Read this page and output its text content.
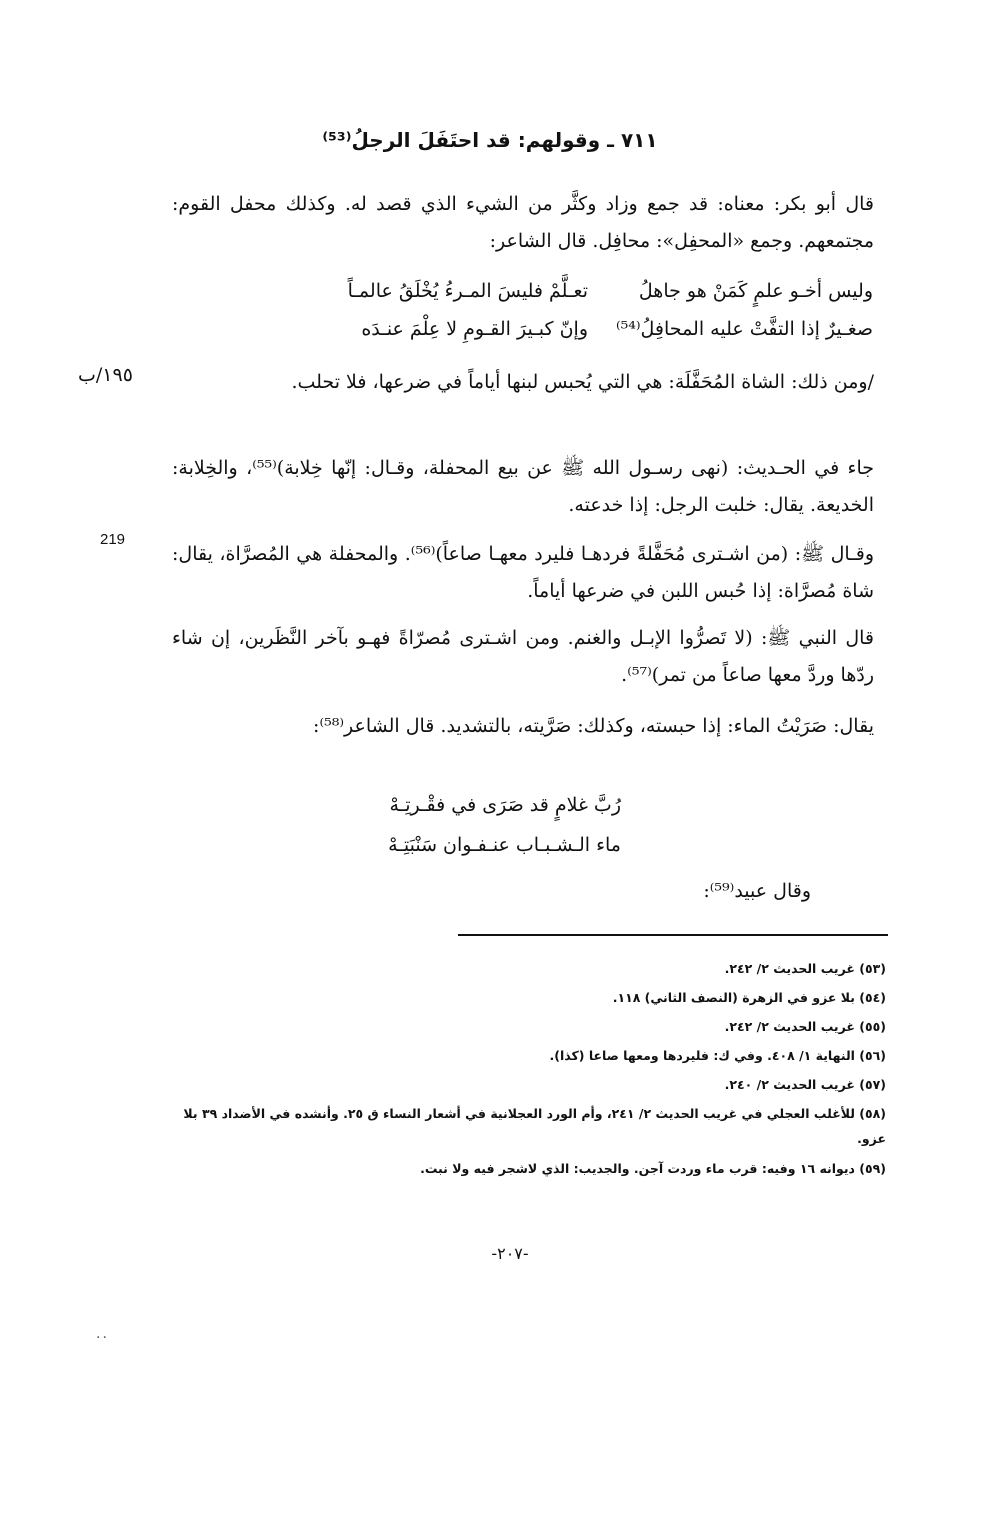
٧١١ ـ وقولهم: قد احتَفَلَ الرجلُ⁽⁵³⁾
قال أبو بكر: معناه: قد جمع وزاد وكثَّر من الشيء الذي قصد له. وكذلك محفل القوم: مجتمعهم. وجمع «المحفِل»: محافِل. قال الشاعر:
تعـلَّمْ فليسَ المـرءُ يُخْلَقُ عالمـاً	وليس أخـو علمٍ كَمَنْ هو جاهلُ
وإنّ كبـيرَ القـومِ لا عِلْمَ عنـدَه صغـيرٌ إذا التفَّتْ عليه المحافِلُ⁽⁵⁴⁾
/ومن ذلك: الشاة المُحَفَّلَة: هي التي يُحبس لبنها أياماً في ضرعها، فلا تحلب.
١٩٥/ب
جاء في الحـديث: (نهى رسـول الله ﷺ عن بيع المحفلة، وقـال: إنّها خِلابة)⁽⁵⁵⁾، والخِلابة: الخديعة. يقال: خلبت الرجل: إذا خدعته.
219
وقـال ﷺ: (من اشـترى مُحَفَّلةً فردهـا فليرد معهـا صاعاً)⁽⁵⁶⁾. والمحفلة هي المُصرَّاة، يقال: شاة مُصرَّاة: إذا حُبس اللبن في ضرعها أياماً.
قال النبي ﷺ: (لا تَصرُّوا الإبـل والغنم. ومن اشـترى مُصرّاةً فهـو بآخر النَّظَرين، إن شاء ردّها وردَّ معها صاعاً من تمر)⁽⁵⁷⁾.
يقال: صَرَيْتُ الماء: إذا حبسته، وكذلك: صَرَّيته، بالتشديد. قال الشاعر⁽⁵⁸⁾:
رُبَّ غلامٍ قد صَرَى في فقْـرتِـهْ
ماء الـشـبـاب عنـفـوان سَنْبَتِـهْ
وقال عبيد⁽⁵⁹⁾:
(٥٣) غريب الحديث ٢/ ٢٤٢.
(٥٤) بلا عزو في الزهرة (النصف الثاني) ١١٨.
(٥٥) غريب الحديث ٢/ ٢٤٢.
(٥٦) النهاية ١/ ٤٠٨. وفي ك: فليردها ومعها صاعا (كذا).
(٥٧) غريب الحديث ٢/ ٢٤٠.
(٥٨) للأغلب العجلي في غريب الحديث ٢/ ٢٤١، وأم الورد العجلانية في أشعار النساء ق ٢٥. وأنشده في الأضداد ٣٩ بلا عزو.
(٥٩) ديوانه ١٦ وفيه: قرب ماء وردت آجن. والجديب: الذي لاشجر فيه ولا نبت.
-٢٠٧-
..
